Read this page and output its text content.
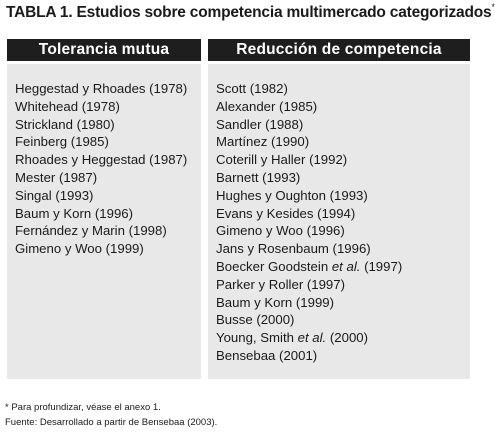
TABLA 1. Estudios sobre competencia multimercado categorizados*
Tolerancia mutua	Reducción de competencia
Heggestad y Rhoades (1978)
Whitehead (1978)
Strickland (1980)
Feinberg (1985)
Rhoades y Heggestad (1987)
Mester (1987)
Singal (1993)
Baum y Korn (1996)
Fernández y Marin (1998)
Gimeno y Woo (1999)
Scott (1982)
Alexander (1985)
Sandler (1988)
Martínez (1990)
Coterill y Haller (1992)
Barnett (1993)
Hughes y Oughton (1993)
Evans y Kesides (1994)
Gimeno y Woo (1996)
Jans y Rosenbaum (1996)
Boecker Goodstein et al. (1997)
Parker y Roller (1997)
Baum y Korn (1999)
Busse (2000)
Young, Smith et al. (2000)
Bensebaa (2001)
* Para profundizar, véase el anexo 1.
Fuente: Desarrollado a partir de Bensebaa (2003).
